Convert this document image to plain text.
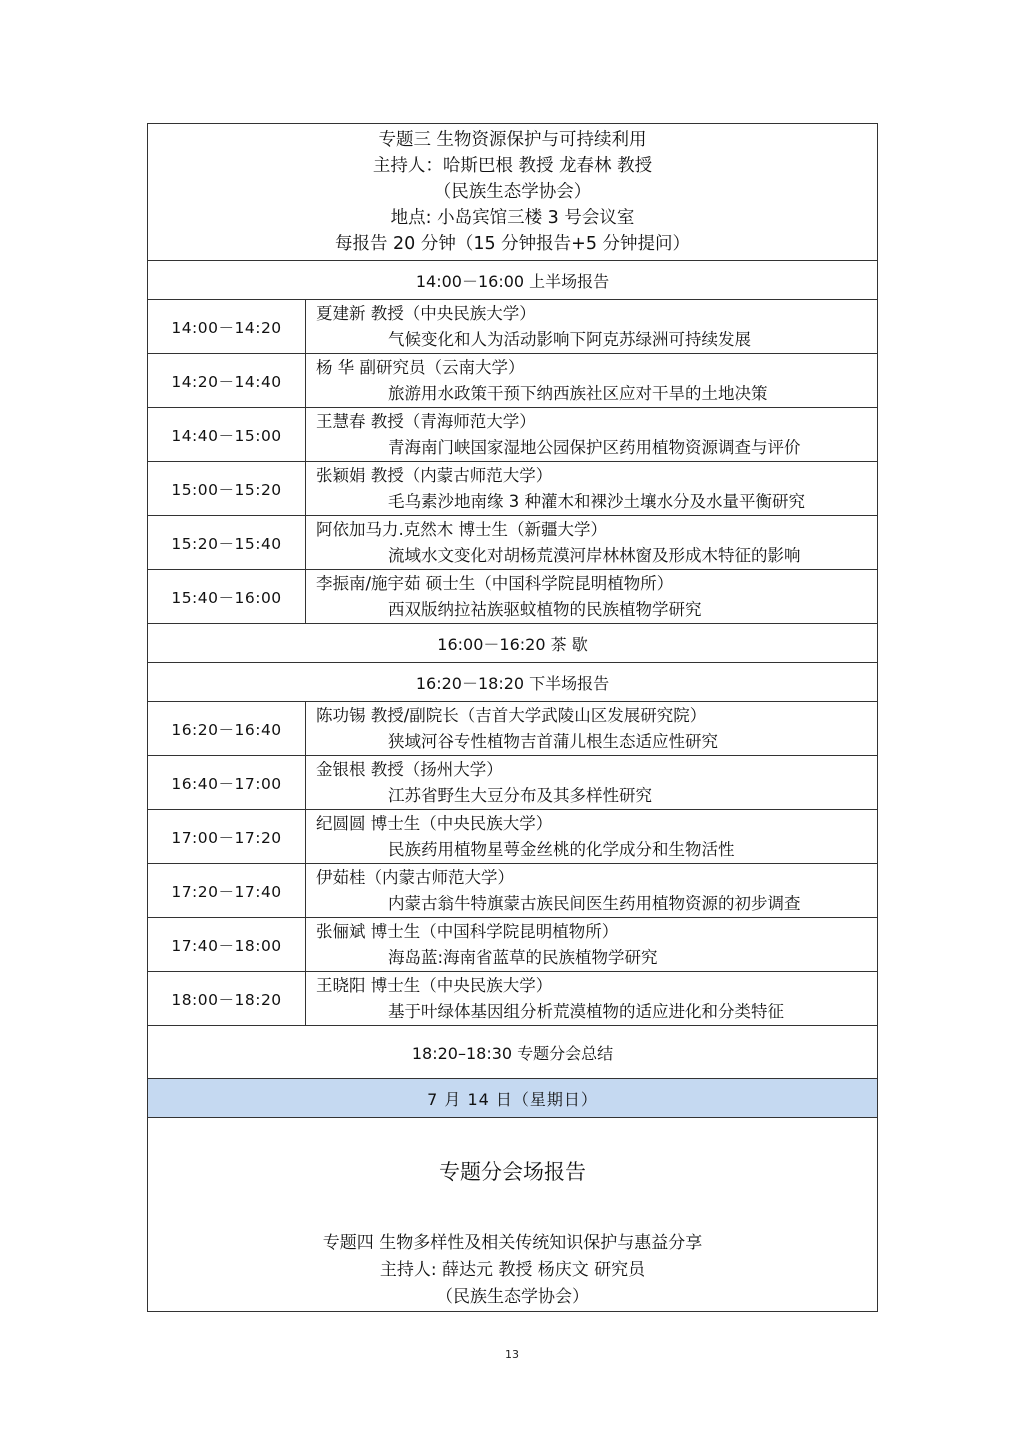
专题三 生物资源保护与可持续利用
主持人：哈斯巴根 教授 龙春林 教授
（民族生态学协会）
地点: 小岛宾馆三楼 3 号会议室
每报告 20 分钟（15 分钟报告+5 分钟提问）	

14:00－16:00 上半场报告	
14:00－14:20	夏建新 教授（中央民族大学）
气候变化和人为活动影响下阿克苏绿洲可持续发展

14:20－14:40	杨 华 副研究员（云南大学）
旅游用水政策干预下纳西族社区应对干旱的土地决策

14:40－15:00	王慧春 教授（青海师范大学）
青海南门峡国家湿地公园保护区药用植物资源调查与评价

15:00－15:20	张颖娟 教授（内蒙古师范大学）
毛乌素沙地南缘 3 种灌木和裸沙土壤水分及水量平衡研究

15:20－15:40	阿依加马力.克然木 博士生（新疆大学）
流域水文变化对胡杨荒漠河岸林林窗及形成木特征的影响

15:40－16:00	李振南/施宇茹 硕士生（中国科学院昆明植物所）
西双版纳拉祜族驱蚊植物的民族植物学研究

16:00－16:20 茶 歇	
16:20－18:20 下半场报告	
16:20－16:40	陈功锡 教授/副院长（吉首大学武陵山区发展研究院）
狭域河谷专性植物吉首蒲儿根生态适应性研究

16:40－17:00	金银根 教授（扬州大学）
江苏省野生大豆分布及其多样性研究

17:00－17:20	纪圆圆 博士生（中央民族大学）
民族药用植物星萼金丝桃的化学成分和生物活性

17:20－17:40	伊茹桂（内蒙古师范大学）
内蒙古翁牛特旗蒙古族民间医生药用植物资源的初步调查

17:40－18:00	张俪斌 博士生（中国科学院昆明植物所）
海岛蓝:海南省蓝草的民族植物学研究

18:00－18:20	王晓阳 博士生（中央民族大学）
基于叶绿体基因组分析荒漠植物的适应进化和分类特征

18:20–18:30 专题分会总结	
7 月 14 日（星期日）	

专题分会场报告
专题四 生物多样性及相关传统知识保护与惠益分享
主持人: 薛达元 教授 杨庆文 研究员
（民族生态学协会）	
13
